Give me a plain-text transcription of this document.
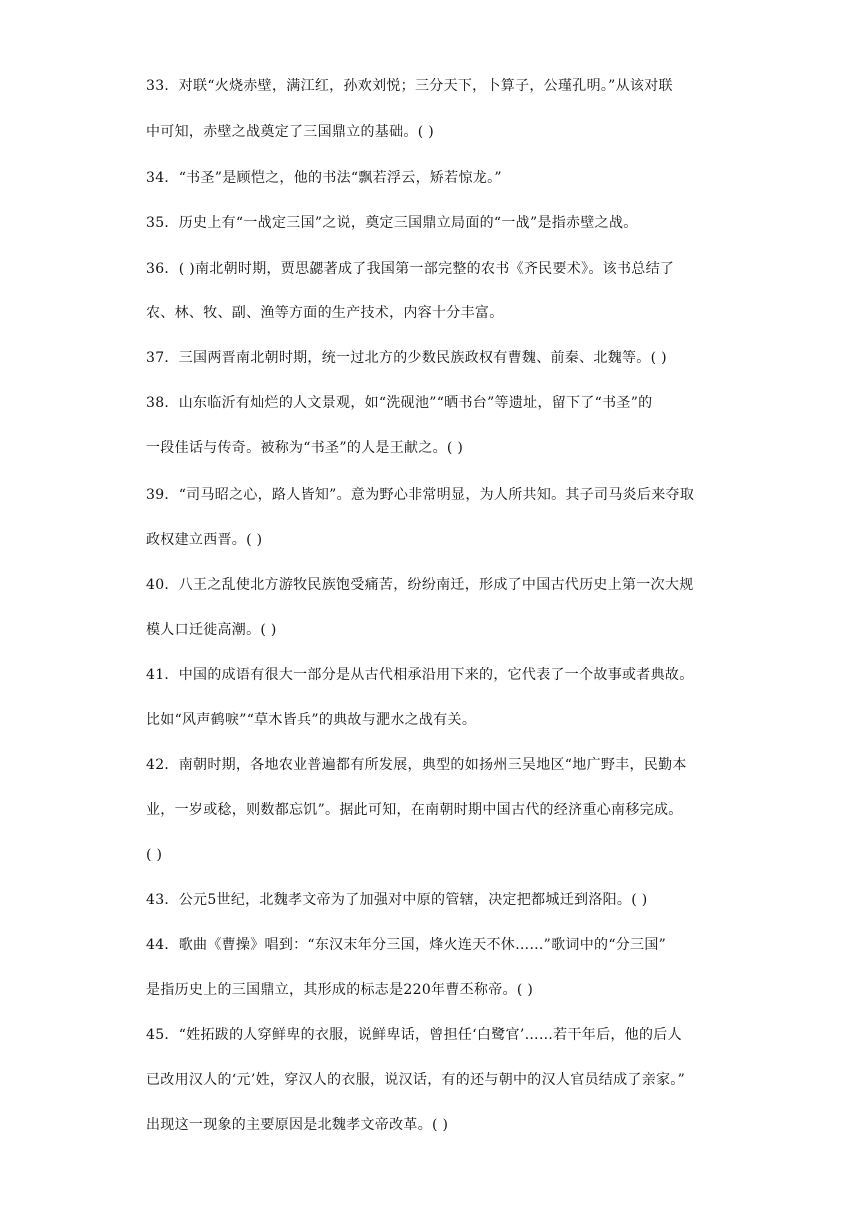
33．对联“火烧赤壁，满江红，孙欢刘悦；三分天下，卜算子，公瑾孔明。”从该对联
中可知，赤壁之战奠定了三国鼎立的基础。( )
34．“书圣”是顾恺之，他的书法“飘若浮云，矫若惊龙。”
35．历史上有“一战定三国”之说，奠定三国鼎立局面的“一战”是指赤壁之战。
36．( )南北朝时期，贾思勰著成了我国第一部完整的农书《齐民要术》。该书总结了
农、林、牧、副、渔等方面的生产技术，内容十分丰富。
37．三国两晋南北朝时期，统一过北方的少数民族政权有曹魏、前秦、北魏等。( )
38．山东临沂有灿烂的人文景观，如“洗砚池”“晒书台”等遗址，留下了“书圣”的
一段佳话与传奇。被称为“书圣”的人是王献之。( )
39．“司马昭之心，路人皆知”。意为野心非常明显，为人所共知。其子司马炎后来夺取
政权建立西晋。( )
40．八王之乱使北方游牧民族饱受痛苦，纷纷南迁，形成了中国古代历史上第一次大规
模人口迁徙高潮。( )
41．中国的成语有很大一部分是从古代相承沿用下来的，它代表了一个故事或者典故。
比如“风声鹤唳”“草木皆兵”的典故与淝水之战有关。
42．南朝时期，各地农业普遍都有所发展，典型的如扬州三吴地区“地广野丰，民勤本
业，一岁或稔，则数都忘饥”。据此可知，在南朝时期中国古代的经济重心南移完成。
( )
43．公元5世纪，北魏孝文帝为了加强对中原的管辖，决定把都城迁到洛阳。( )
44．歌曲《曹操》唱到：“东汉末年分三国，烽火连天不休……”歌词中的“分三国”
是指历史上的三国鼎立，其形成的标志是220年曹丕称帝。( )
45．“姓拓跋的人穿鲜卑的衣服，说鲜卑话，曾担任‘白鹭官’……若干年后，他的后人
已改用汉人的‘元’姓，穿汉人的衣服，说汉话，有的还与朝中的汉人官员结成了亲家。”
出现这一现象的主要原因是北魏孝文帝改革。( )
